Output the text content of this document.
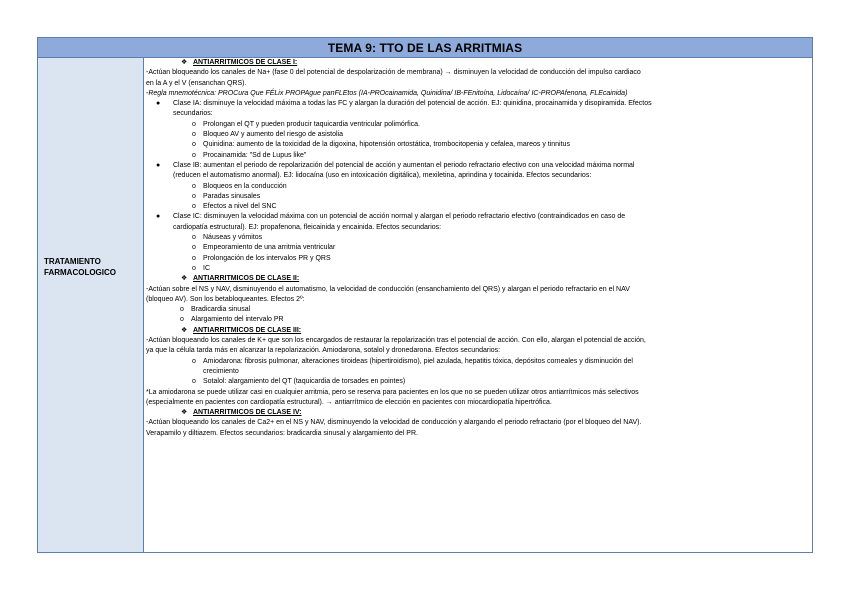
TEMA 9: TTO DE LAS ARRITMIAS
TRATAMIENTO FARMACOLOGICO
❖ ANTIARRITMICOS DE CLASE I:
-Actúan bloqueando los canales de Na+ (fase 0 del potencial de despolarización de membrana) → disminuyen la velocidad de conducción del impulso cardiaco
en la A y el V (ensanchan QRS).
-Regla mnemotécnica: PROCura Que FÉLix PROPAgue panFLEtos (IA-PROcainamida, Quinidina/ IB-FEnitoína, Lidocaína/ IC-PROPAfenona, FLEcainida)
● Clase IA: disminuye la velocidad máxima a todas las FC y alargan la duración del potencial de acción. EJ: quinidina, procainamida y disopiramida. Efectos
secundarios:
o Prolongan el QT y pueden producir taquicardia ventricular polimórfica.
o Bloqueo AV y aumento del riesgo de asistolia
o Quinidina: aumento de la toxicidad de la digoxina, hipotensión ortostática, trombocitopenia y cefalea, mareos y tinnitus
o Procainamida: "Sd de Lupus like"
● Clase IB: aumentan el periodo de repolarización del potencial de acción y aumentan el periodo refractario efectivo con una velocidad máxima normal
(reducen el automatismo anormal). EJ: lidocaína (uso en intoxicación digitálica), mexiletina, aprindina y tocainida. Efectos secundarios:
o Bloqueos en la conducción
o Paradas sinusales
o Efectos a nivel del SNC
● Clase IC: disminuyen la velocidad máxima con un potencial de acción normal y alargan el periodo refractario efectivo (contraindicados en caso de
cardiopatía estructural). EJ: propafenona, fleicainida y encainida. Efectos secundarios:
o Náuseas y vómitos
o Empeoramiento de una arritmia ventricular
o Prolongación de los intervalos PR y QRS
o IC
❖ ANTIARRITMICOS DE CLASE II:
-Actúan sobre el NS y NAV, disminuyendo el automatismo, la velocidad de conducción (ensanchamiento del QRS) y alargan el periodo refractario en el NAV
(bloqueo AV). Son los betabloqueantes. Efectos 2º:
o Bradicardia sinusal
o Alargamiento del intervalo PR
❖ ANTIARRITMICOS DE CLASE III:
-Actúan bloqueando los canales de K+ que son los encargados de restaurar la repolarización tras el potencial de acción. Con ello, alargan el potencial de acción,
ya que la célula tarda más en alcanzar la repolarización. Amiodarona, sotalol y dronedarona. Efectos secundarios:
o Amiodarona: fibrosis pulmonar, alteraciones tiroideas (hipertiroidismo), piel azulada, hepatitis tóxica, depósitos corneales y disminución del
crecimiento
o Sotalol: alargamiento del QT (taquicardia de torsades en pointes)
*La amiodarona se puede utilizar casi en cualquier arritmia, pero se reserva para pacientes en los que no se pueden utilizar otros antiarrítmicos más selectivos
(especialmente en pacientes con cardiopatía estructural). → antiarrítmico de elección en pacientes con miocardiopatía hipertrófica.
❖ ANTIARRITMICOS DE CLASE IV:
-Actúan bloqueando los canales de Ca2+ en el NS y NAV, disminuyendo la velocidad de conducción y alargando el periodo refractario (por el bloqueo del NAV).
Verapamilo y diltiazem. Efectos secundarios: bradicardia sinusal y alargamiento del PR.
